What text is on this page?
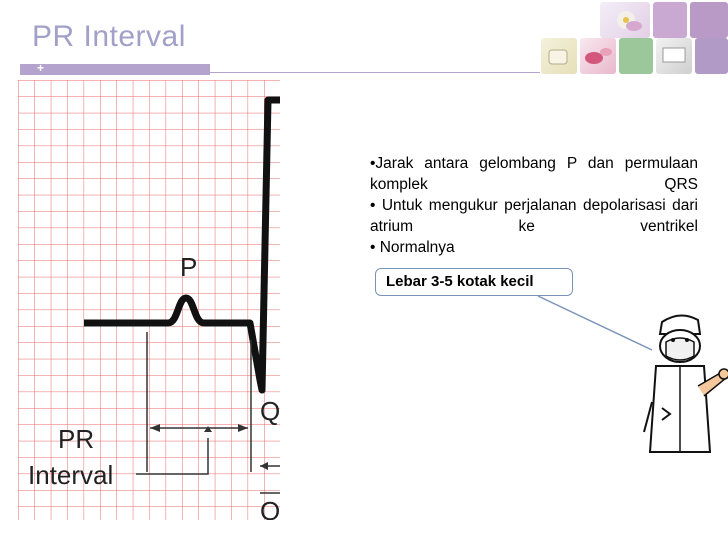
PR Interval
+
P
Q
O
PR
Interval

•Jarak antara gelombang P dan permulaan komplek QRS

• Untuk mengukur perjalanan depolarisasi dari atrium ke ventrikel

• Normalnya

Lebar 3-5 kotak kecil
